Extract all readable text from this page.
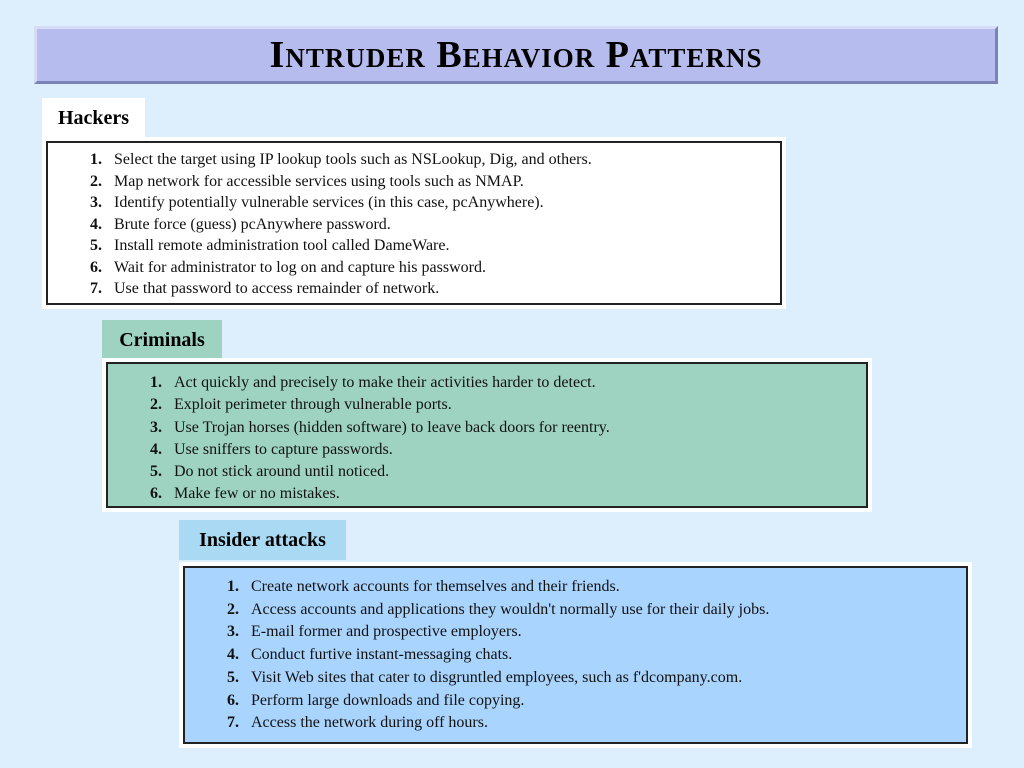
Intruder Behavior Patterns
Hackers
1. Select the target using IP lookup tools such as NSLookup, Dig, and others.
2. Map network for accessible services using tools such as NMAP.
3. Identify potentially vulnerable services (in this case, pcAnywhere).
4. Brute force (guess) pcAnywhere password.
5. Install remote administration tool called DameWare.
6. Wait for administrator to log on and capture his password.
7. Use that password to access remainder of network.
Criminals
1. Act quickly and precisely to make their activities harder to detect.
2. Exploit perimeter through vulnerable ports.
3. Use Trojan horses (hidden software) to leave back doors for reentry.
4. Use sniffers to capture passwords.
5. Do not stick around until noticed.
6. Make few or no mistakes.
Insider attacks
1. Create network accounts for themselves and their friends.
2. Access accounts and applications they wouldn't normally use for their daily jobs.
3. E-mail former and prospective employers.
4. Conduct furtive instant-messaging chats.
5. Visit Web sites that cater to disgruntled employees, such as f'dcompany.com.
6. Perform large downloads and file copying.
7. Access the network during off hours.
